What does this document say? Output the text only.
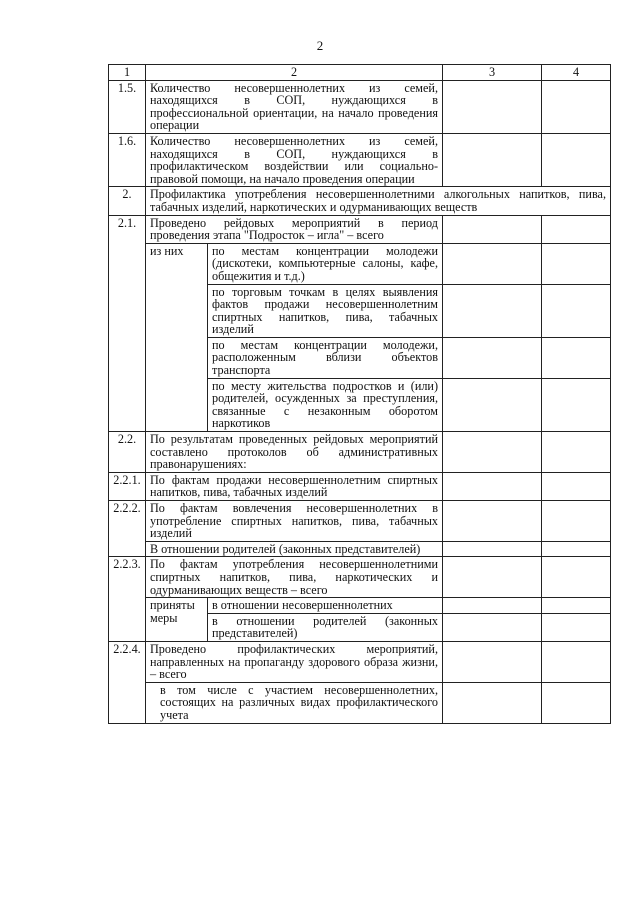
2
1	2		3	4
1.5.	Количество несовершеннолетних из семей, находящихся в СОП, нуждающихся в профессиональной ориентации, на начало проведения операции			
1.6.	Количество несовершеннолетних из семей, находящихся в СОП, нуждающихся в профилактическом воздействии или социально-правовой помощи, на начало проведения операции			
2.	Профилактика употребления несовершеннолетними алкогольных напитков, пива, табачных изделий, наркотических и одурманивающих веществ			
2.1.	Проведено рейдовых мероприятий в период проведения этапа "Подросток – игла" – всего			
	из них	по местам концентрации молодежи (дискотеки, компьютерные салоны, кафе, общежития и т.д.)		
		по торговым точкам в целях выявления фактов продажи несовершеннолетним спиртных напитков, пива, табачных изделий		
		по местам концентрации молодежи, расположенным вблизи объектов транспорта		
		по месту жительства подростков и (или) родителей, осужденных за преступления, связанные с незаконным оборотом наркотиков		
2.2.	По результатам проведенных рейдовых мероприятий составлено протоколов об административных правонарушениях:			
2.2.1.	По фактам продажи несовершеннолетним спиртных напитков, пива, табачных изделий			
2.2.2.	По фактам вовлечения несовершеннолетних в употребление спиртных напитков, пива, табачных изделий			
	В отношении родителей (законных представителей)			
2.2.3.	По фактам употребления несовершеннолетними спиртных напитков, пива, наркотических и одурманивающих веществ – всего			
	приняты меры	в отношении несовершеннолетних		
		в отношении родителей (законных представителей)		
2.2.4.	Проведено профилактических мероприятий, направленных на пропаганду здорового образа жизни, – всего			
	в том числе с участием несовершеннолетних, состоящих на различных видах профилактического учета			
